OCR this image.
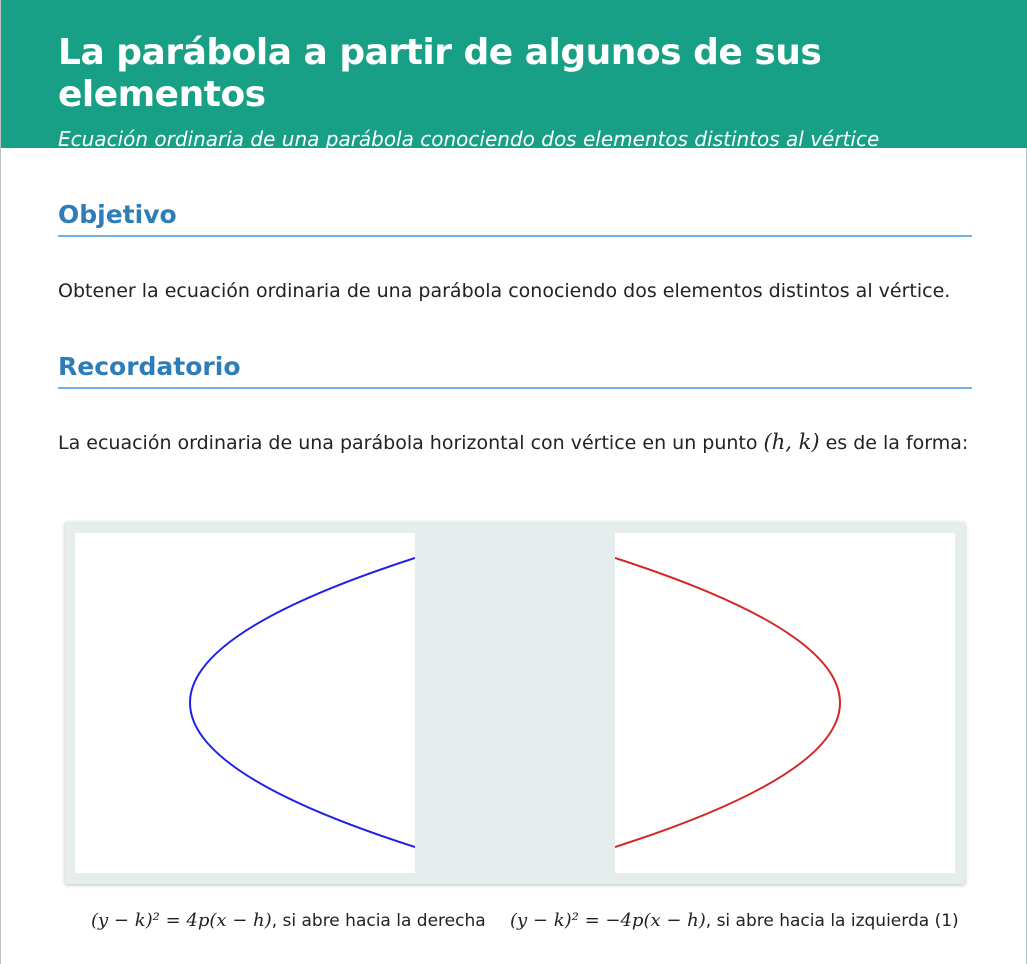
La parábola a partir de algunos de sus elementos
Ecuación ordinaria de una parábola conociendo dos elementos distintos al vértice
Objetivo
Obtener la ecuación ordinaria de una parábola conociendo dos elementos distintos al vértice.
Recordatorio
La ecuación ordinaria de una parábola horizontal con vértice en un punto (h, k) es de la forma:
(y − k)² = 4p(x − h), si abre hacia la derecha (y − k)² = −4p(x − h), si abre hacia la izquierda (1)
